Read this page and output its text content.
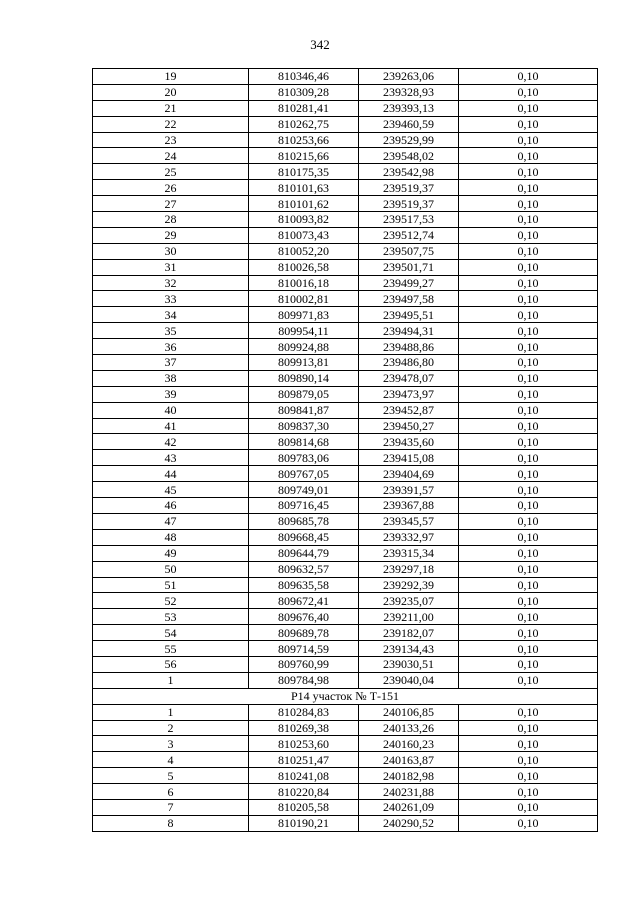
342
19	810346,46	239263,06	0,10
20	810309,28	239328,93	0,10
21	810281,41	239393,13	0,10
22	810262,75	239460,59	0,10
23	810253,66	239529,99	0,10
24	810215,66	239548,02	0,10
25	810175,35	239542,98	0,10
26	810101,63	239519,37	0,10
27	810101,62	239519,37	0,10
28	810093,82	239517,53	0,10
29	810073,43	239512,74	0,10
30	810052,20	239507,75	0,10
31	810026,58	239501,71	0,10
32	810016,18	239499,27	0,10
33	810002,81	239497,58	0,10
34	809971,83	239495,51	0,10
35	809954,11	239494,31	0,10
36	809924,88	239488,86	0,10
37	809913,81	239486,80	0,10
38	809890,14	239478,07	0,10
39	809879,05	239473,97	0,10
40	809841,87	239452,87	0,10
41	809837,30	239450,27	0,10
42	809814,68	239435,60	0,10
43	809783,06	239415,08	0,10
44	809767,05	239404,69	0,10
45	809749,01	239391,57	0,10
46	809716,45	239367,88	0,10
47	809685,78	239345,57	0,10
48	809668,45	239332,97	0,10
49	809644,79	239315,34	0,10
50	809632,57	239297,18	0,10
51	809635,58	239292,39	0,10
52	809672,41	239235,07	0,10
53	809676,40	239211,00	0,10
54	809689,78	239182,07	0,10
55	809714,59	239134,43	0,10
56	809760,99	239030,51	0,10
1	809784,98	239040,04	0,10
Р14 участок № Т-151			
1	810284,83	240106,85	0,10
2	810269,38	240133,26	0,10
3	810253,60	240160,23	0,10
4	810251,47	240163,87	0,10
5	810241,08	240182,98	0,10
6	810220,84	240231,88	0,10
7	810205,58	240261,09	0,10
8	810190,21	240290,52	0,10
